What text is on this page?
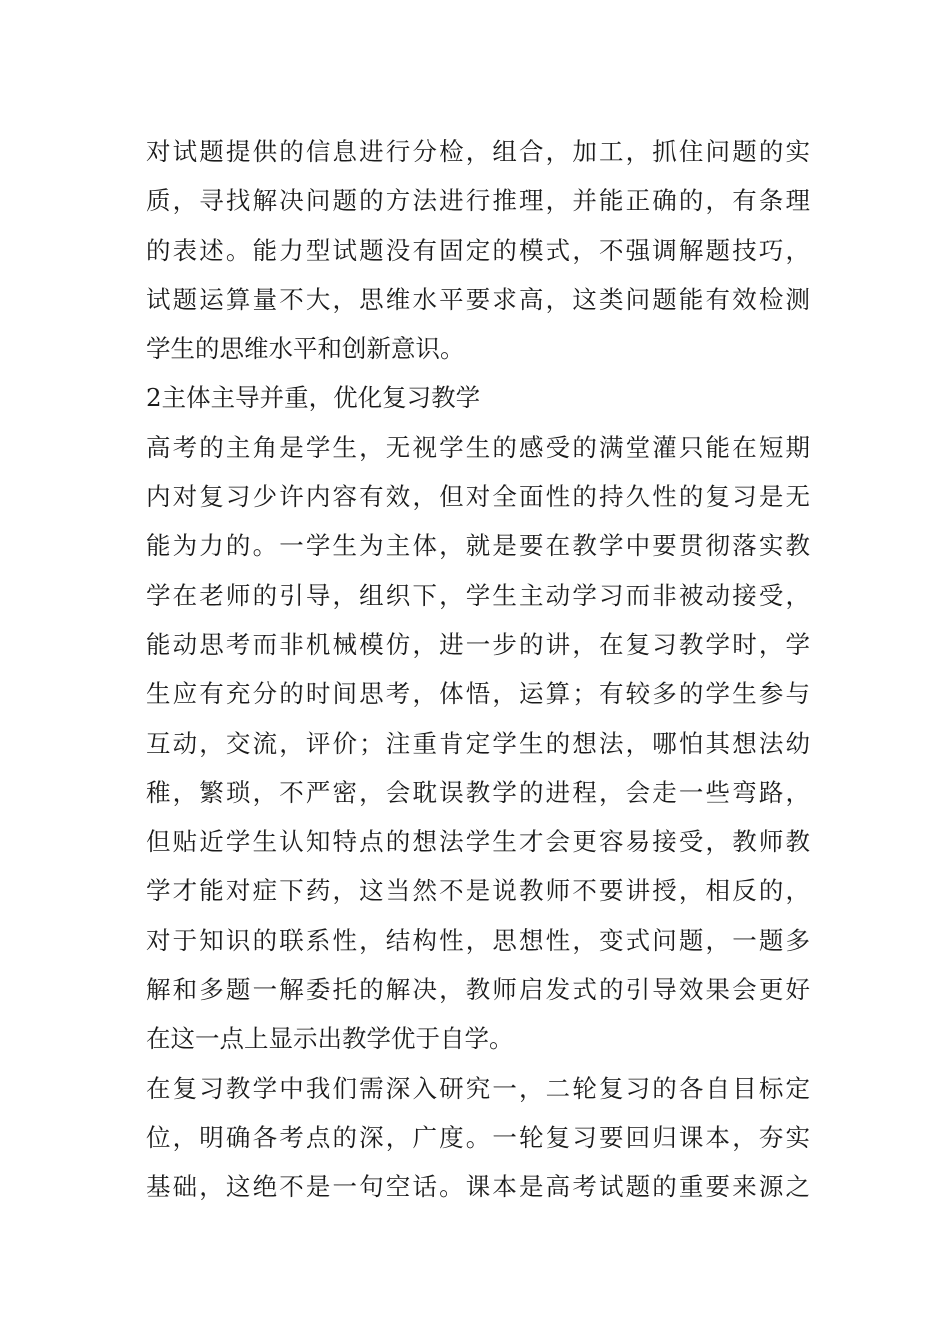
对试题提供的信息进行分检，组合，加工，抓住问题的实
质，寻找解决问题的方法进行推理，并能正确的，有条理
的表述。能力型试题没有固定的模式，不强调解题技巧，
试题运算量不大，思维水平要求高，这类问题能有效检测
学生的思维水平和创新意识。
2主体主导并重，优化复习教学
高考的主角是学生，无视学生的感受的满堂灌只能在短期
内对复习少许内容有效，但对全面性的持久性的复习是无
能为力的。一学生为主体，就是要在教学中要贯彻落实教
学在老师的引导，组织下，学生主动学习而非被动接受，
能动思考而非机械模仿，进一步的讲，在复习教学时，学
生应有充分的时间思考，体悟，运算；有较多的学生参与
互动，交流，评价；注重肯定学生的想法，哪怕其想法幼
稚，繁琐，不严密，会耽误教学的进程，会走一些弯路，
但贴近学生认知特点的想法学生才会更容易接受，教师教
学才能对症下药，这当然不是说教师不要讲授，相反的，
对于知识的联系性，结构性，思想性，变式问题，一题多
解和多题一解委托的解决，教师启发式的引导效果会更好
在这一点上显示出教学优于自学。
在复习教学中我们需深入研究一，二轮复习的各自目标定
位，明确各考点的深，广度。一轮复习要回归课本，夯实
基础，这绝不是一句空话。课本是高考试题的重要来源之
